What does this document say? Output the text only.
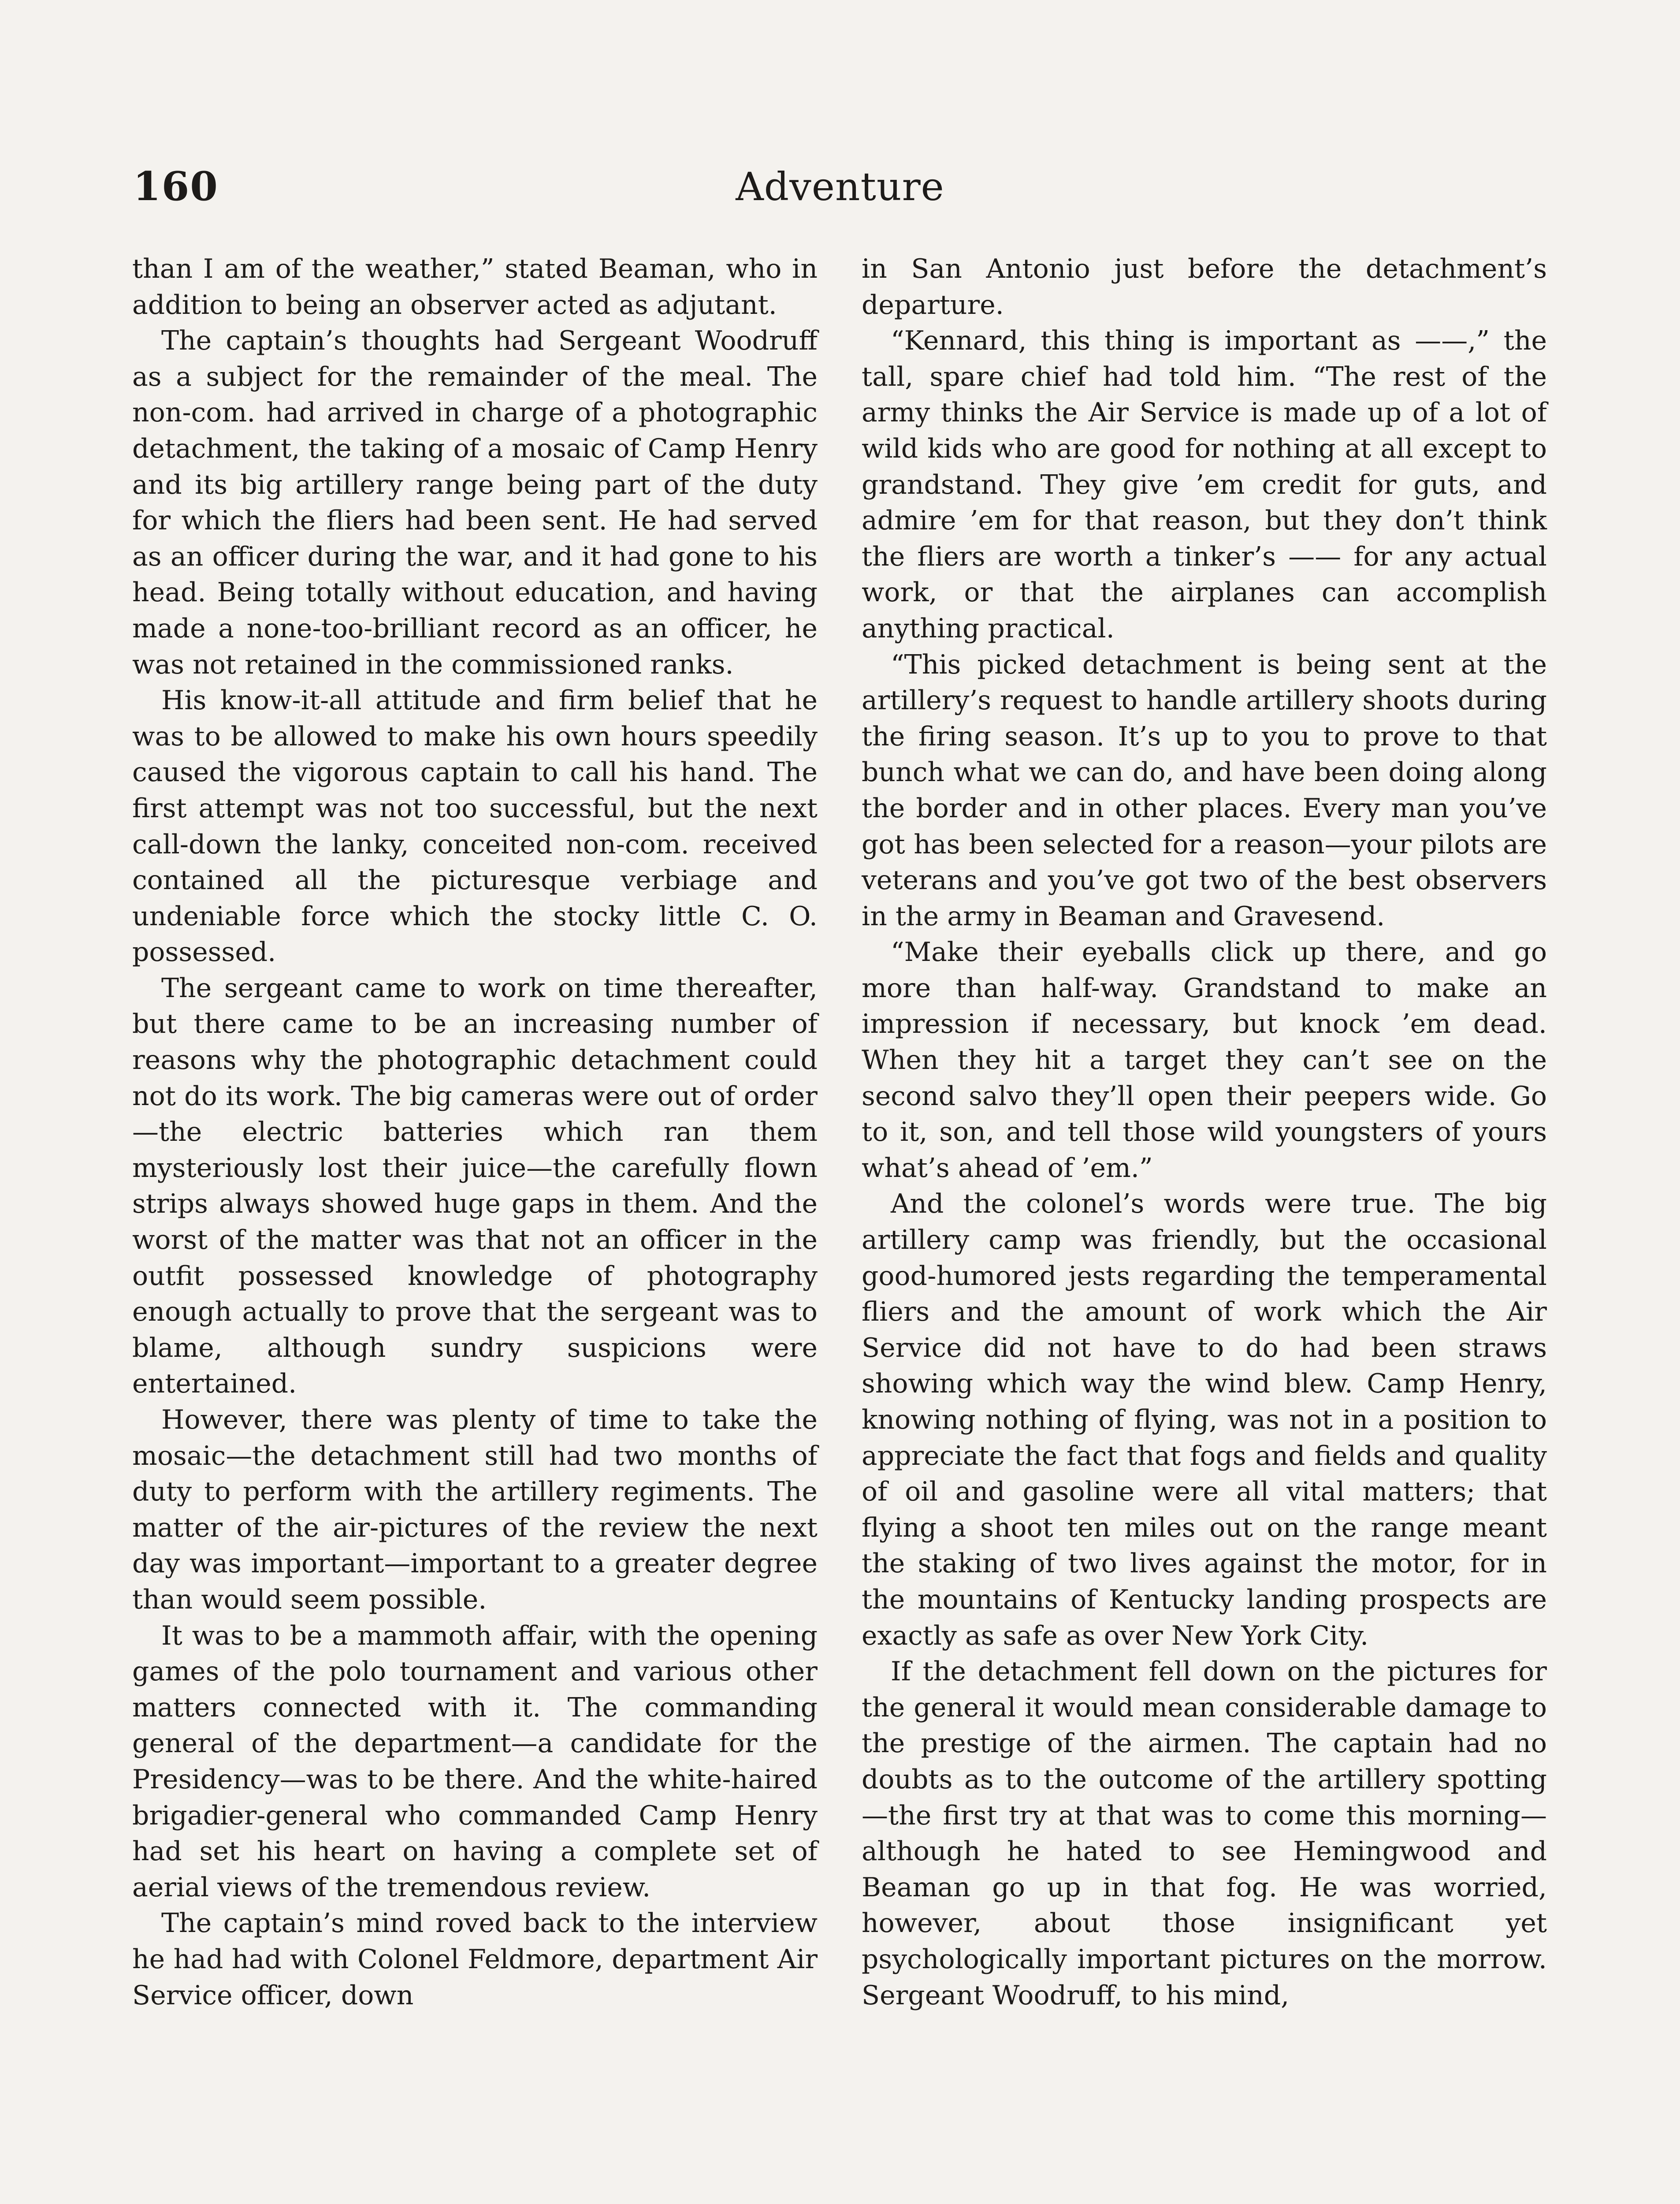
160	Adventure

than I am of the weather,” stated Beaman, who in addition to being an observer acted as adjutant.

The captain’s thoughts had Sergeant Woodruff as a subject for the remainder of the meal. The non-com. had arrived in charge of a photographic detachment, the taking of a mosaic of Camp Henry and its big artillery range being part of the duty for which the fliers had been sent. He had served as an officer during the war, and it had gone to his head. Being totally without education, and having made a none-too-brilliant record as an officer, he was not retained in the commissioned ranks.

His know-it-all attitude and firm belief that he was to be allowed to make his own hours speedily caused the vigorous captain to call his hand. The first attempt was not too successful, but the next call-down the lanky, conceited non-com. received contained all the picturesque verbiage and undeniable force which the stocky little C. O. possessed.

The sergeant came to work on time thereafter, but there came to be an increasing number of reasons why the photographic detachment could not do its work. The big cameras were out of order—the electric batteries which ran them mysteriously lost their juice—the carefully flown strips always showed huge gaps in them. And the worst of the matter was that not an officer in the outfit possessed knowledge of photography enough actually to prove that the sergeant was to blame, although sundry suspicions were entertained.

However, there was plenty of time to take the mosaic—the detachment still had two months of duty to perform with the artillery regiments. The matter of the air-pictures of the review the next day was important—important to a greater degree than would seem possible.

It was to be a mammoth affair, with the opening games of the polo tournament and various other matters connected with it. The commanding general of the department—a candidate for the Presidency—was to be there. And the white-haired brigadier-general who commanded Camp Henry had set his heart on having a complete set of aerial views of the tremendous review.

The captain’s mind roved back to the interview he had had with Colonel Feldmore, department Air Service officer, down

in San Antonio just before the detachment’s departure.

“Kennard, this thing is important as ——,” the tall, spare chief had told him. “The rest of the army thinks the Air Service is made up of a lot of wild kids who are good for nothing at all except to grandstand. They give ’em credit for guts, and admire ’em for that reason, but they don’t think the fliers are worth a tinker’s —— for any actual work, or that the airplanes can accomplish anything practical.

“This picked detachment is being sent at the artillery’s request to handle artillery shoots during the firing season. It’s up to you to prove to that bunch what we can do, and have been doing along the border and in other places. Every man you’ve got has been selected for a reason—your pilots are veterans and you’ve got two of the best observers in the army in Beaman and Gravesend.

“Make their eyeballs click up there, and go more than half-way. Grandstand to make an impression if necessary, but knock ’em dead. When they hit a target they can’t see on the second salvo they’ll open their peepers wide. Go to it, son, and tell those wild youngsters of yours what’s ahead of ’em.”

And the colonel’s words were true. The big artillery camp was friendly, but the occasional good-humored jests regarding the temperamental fliers and the amount of work which the Air Service did not have to do had been straws showing which way the wind blew. Camp Henry, knowing nothing of flying, was not in a position to appreciate the fact that fogs and fields and quality of oil and gasoline were all vital matters; that flying a shoot ten miles out on the range meant the staking of two lives against the motor, for in the mountains of Kentucky landing prospects are exactly as safe as over New York City.

If the detachment fell down on the pictures for the general it would mean considerable damage to the prestige of the airmen. The captain had no doubts as to the outcome of the artillery spotting—the first try at that was to come this morning—although he hated to see Hemingwood and Beaman go up in that fog. He was worried, however, about those insignificant yet psychologically important pictures on the morrow. Sergeant Woodruff, to his mind,
